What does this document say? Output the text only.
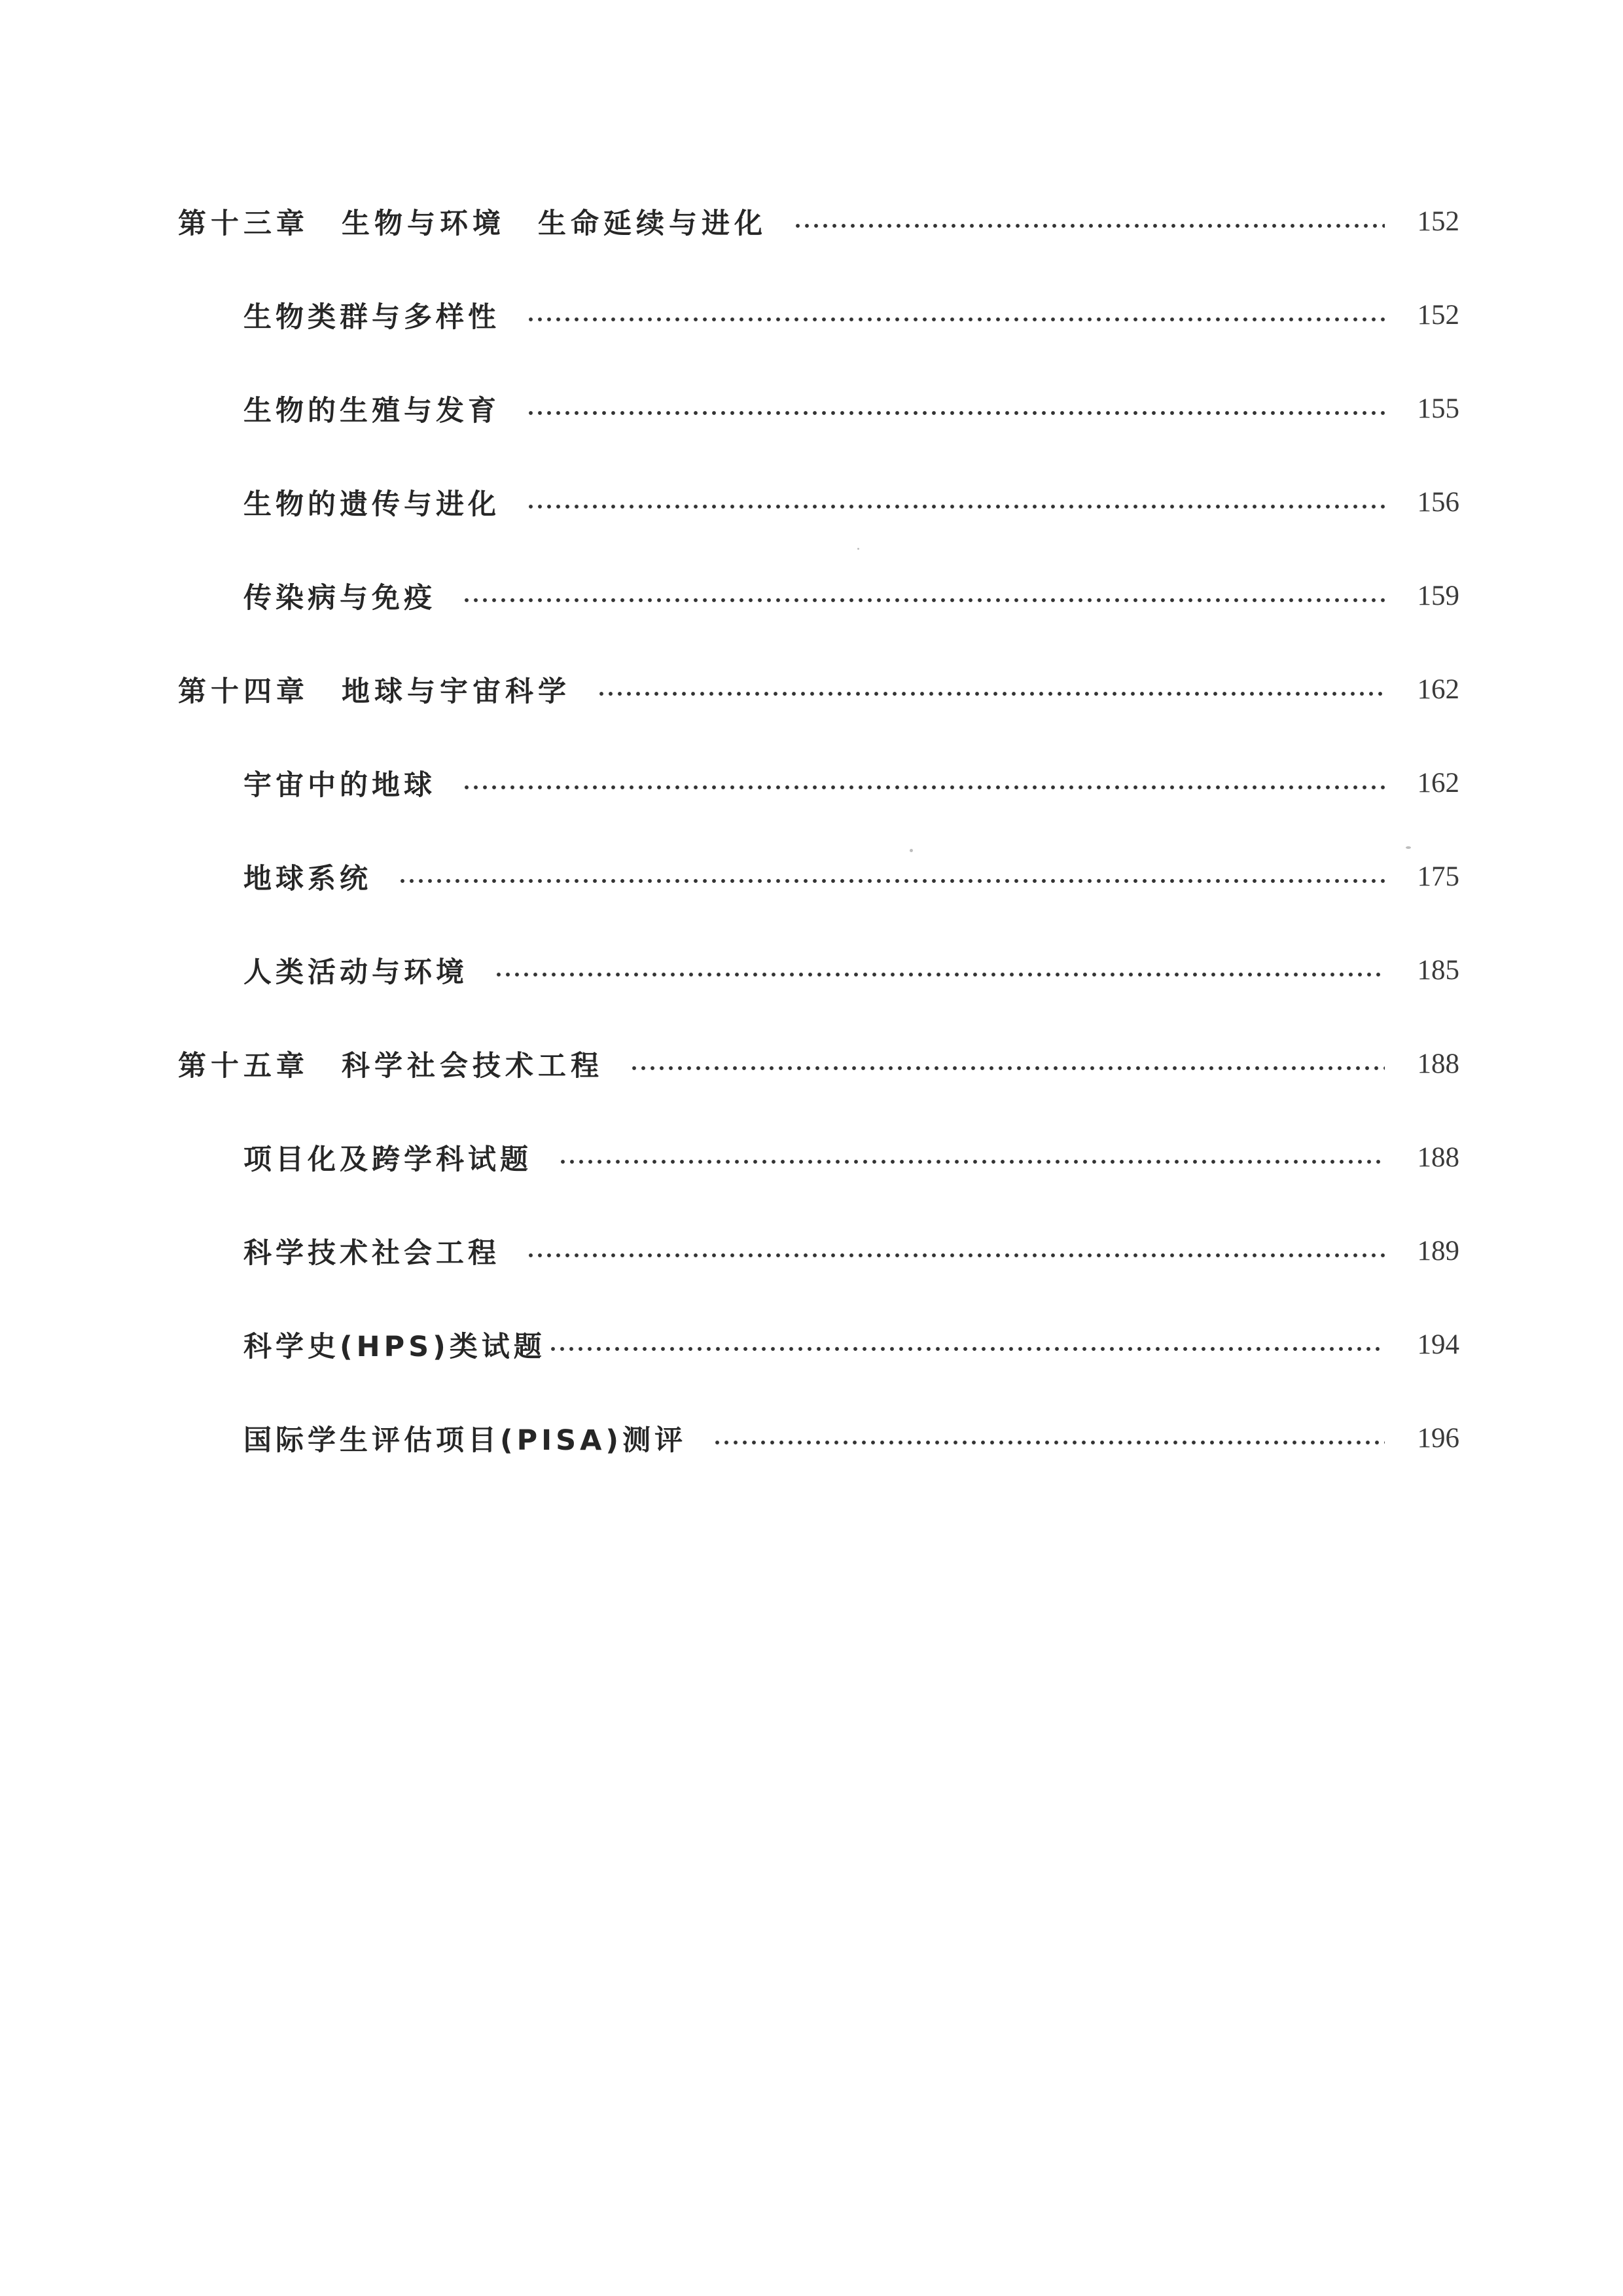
第十三章　生物与环境　生命延续与进化	152
生物类群与多样性	152
生物的生殖与发育	155
生物的遗传与进化	156
传染病与免疫	159
第十四章　地球与宇宙科学	162
宇宙中的地球	162
地球系统	175
人类活动与环境	185
第十五章　科学社会技术工程	188
项目化及跨学科试题	188
科学技术社会工程	189
科学史(HPS)类试题	194
国际学生评估项目(PISA)测评	196
